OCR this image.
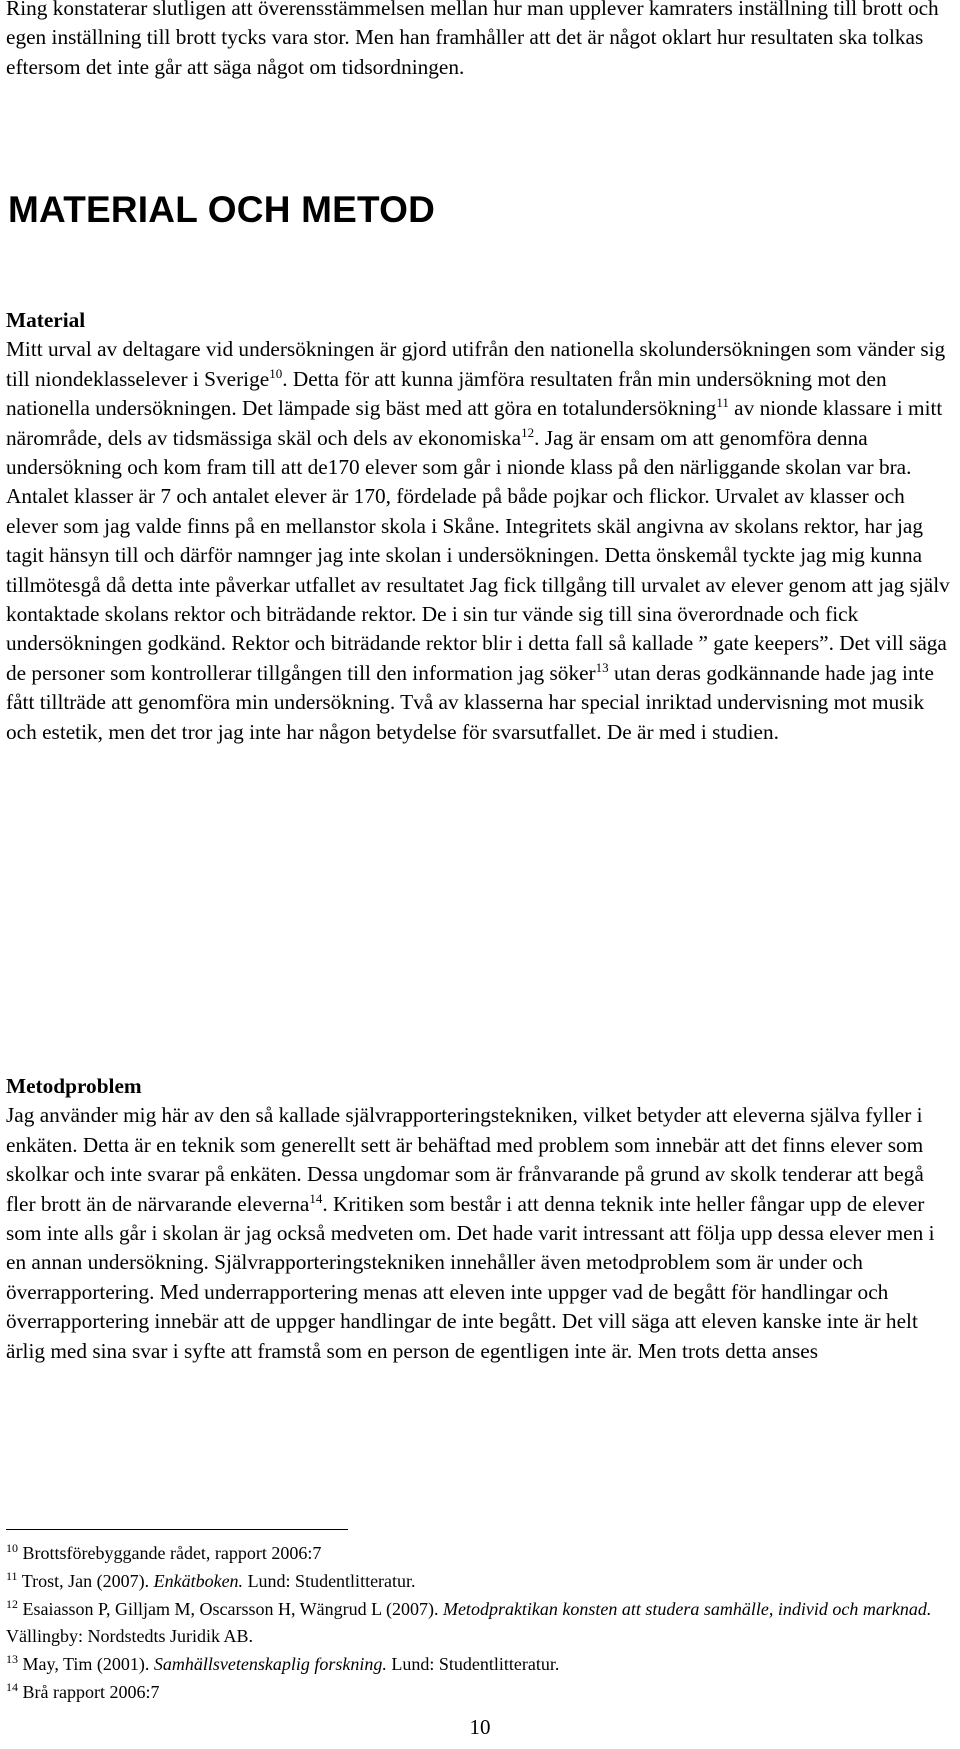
Ring konstaterar slutligen att överensstämmelsen mellan hur man upplever kamraters inställning till brott och egen inställning till brott tycks vara stor. Men han framhåller att det är något oklart hur resultaten ska tolkas eftersom det inte går att säga något om tidsordningen.

MATERIAL OCH METOD

Material

Mitt urval av deltagare vid undersökningen är gjord utifrån den nationella skolundersökningen som vänder sig till niondeklasselever i Sverige$^{10}$. Detta för att kunna jämföra resultaten från min undersökning mot den nationella undersökningen. Det lämpade sig bäst med att göra en totalundersökning$^{11}$ av nionde klassare i mitt närområde, dels av tidsmässiga skäl och dels av ekonomiska$^{12}$. Jag är ensam om att genomföra denna undersökning och kom fram till att de170 elever som går i nionde klass på den närliggande skolan var bra. Antalet klasser är 7 och antalet elever är 170, fördelade på både pojkar och flickor. Urvalet av klasser och elever som jag valde finns på en mellanstor skola i Skåne. Integritets skäl angivna av skolans rektor, har jag tagit hänsyn till och därför namnger jag inte skolan i undersökningen. Detta önskemål tyckte jag mig kunna tillmötesgå då detta inte påverkar utfallet av resultatet Jag fick tillgång till urvalet av elever genom att jag själv kontaktade skolans rektor och biträdande rektor. De i sin tur vände sig till sina överordnade och fick undersökningen godkänd. Rektor och biträdande rektor blir i detta fall så kallade ” gate keepers”. Det vill säga de personer som kontrollerar tillgången till den information jag söker$^{13}$ utan deras godkännande hade jag inte fått tillträde att genomföra min undersökning. Två av klasserna har special inriktad undervisning mot musik och estetik, men det tror jag inte har någon betydelse för svarsutfallet. De är med i studien.

Metodproblem

Jag använder mig här av den så kallade självrapporteringstekniken, vilket betyder att eleverna själva fyller i enkäten. Detta är en teknik som generellt sett är behäftad med problem som innebär att det finns elever som skolkar och inte svarar på enkäten. Dessa ungdomar som är frånvarande på grund av skolk tenderar att begå fler brott än de närvarande eleverna$^{14}$. Kritiken som består i att denna teknik inte heller fångar upp de elever som inte alls går i skolan är jag också medveten om. Det hade varit intressant att följa upp dessa elever men i en annan undersökning. Självrapporteringstekniken innehåller även metodproblem som är under och överrapportering. Med underrapportering menas att eleven inte uppger vad de begått för handlingar och överrapportering innebär att de uppger handlingar de inte begått. Det vill säga att eleven kanske inte är helt ärlig med sina svar i syfte att framstå som en person de egentligen inte är. Men trots detta anses

$^{10}$ Brottsförebyggande rådet, rapport 2006:7

$^{11}$ Trost, Jan (2007). Enkätboken. Lund: Studentlitteratur.

$^{12}$ Esaiasson P, Gilljam M, Oscarsson H, Wängrud L (2007). Metodpraktikan konsten att studera samhälle, individ och marknad. Vällingby: Nordstedts Juridik AB.

$^{13}$ May, Tim (2001). Samhällsvetenskaplig forskning. Lund: Studentlitteratur.

$^{14}$ Brå rapport 2006:7

10
